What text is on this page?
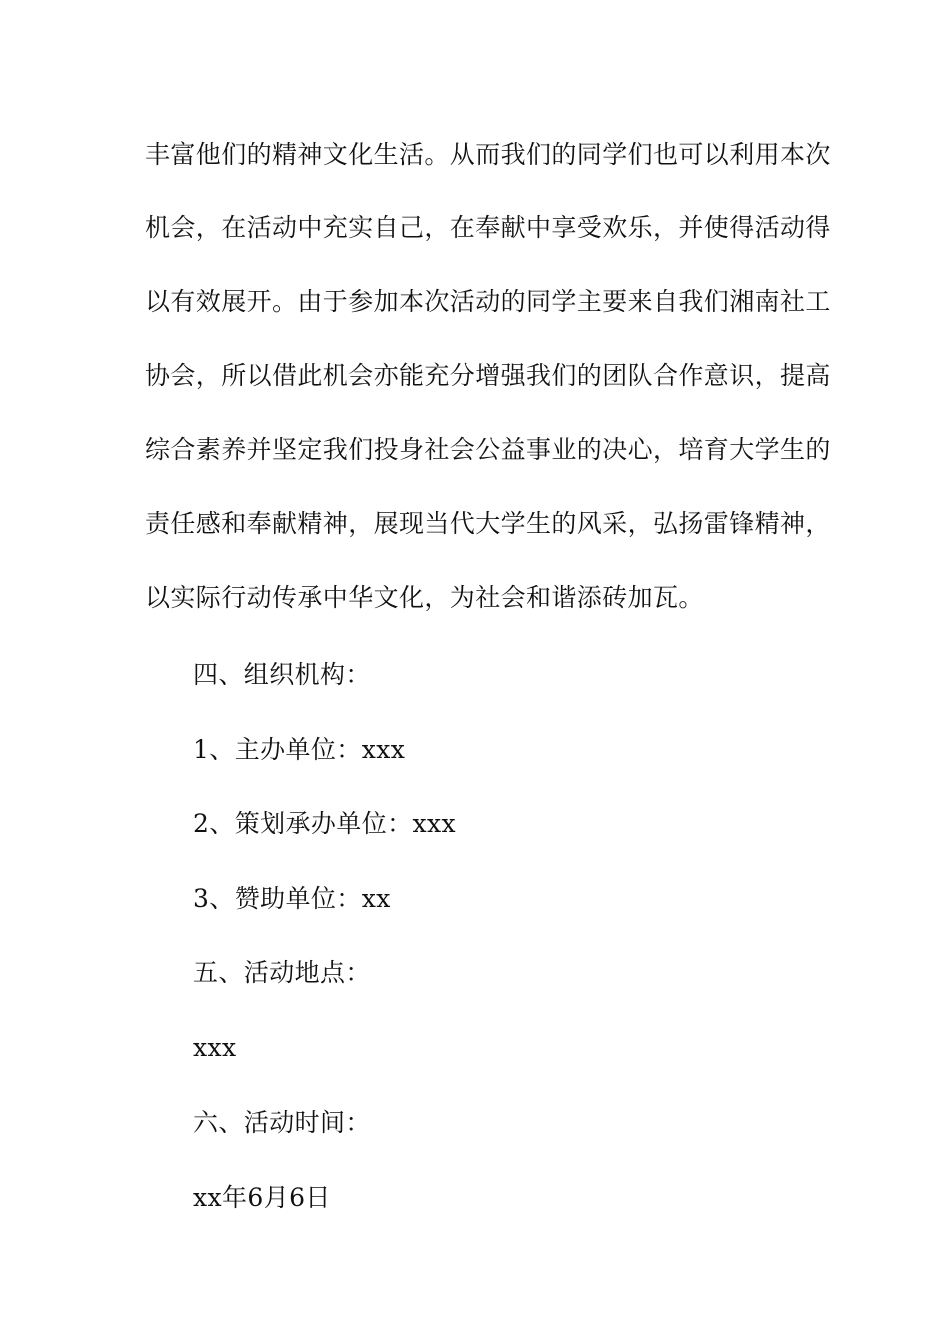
丰富他们的精神文化生活。从而我们的同学们也可以利用本次
机会，在活动中充实自己，在奉献中享受欢乐，并使得活动得
以有效展开。由于参加本次活动的同学主要来自我们湘南社工
协会，所以借此机会亦能充分增强我们的团队合作意识，提高
综合素养并坚定我们投身社会公益事业的决心，培育大学生的
责任感和奉献精神，展现当代大学生的风采，弘扬雷锋精神，
以实际行动传承中华文化，为社会和谐添砖加瓦。
四、组织机构：
1、主办单位：xxx
2、策划承办单位：xxx
3、赞助单位：xx
五、活动地点：
xxx
六、活动时间：
xx年6月6日
